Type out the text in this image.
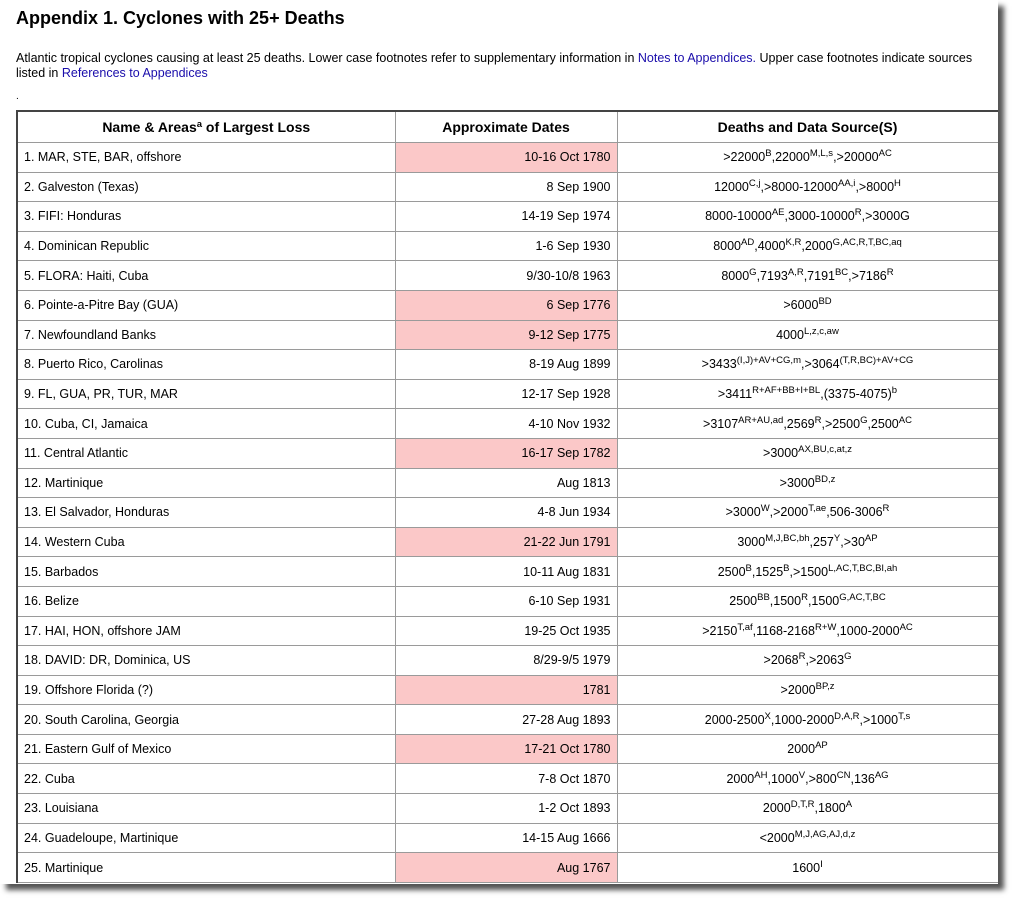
Appendix 1. Cyclones with 25+ Deaths
Atlantic tropical cyclones causing at least 25 deaths. Lower case footnotes refer to supplementary information in Notes to Appendices. Upper case footnotes indicate sources listed in References to Appendices
.
Name & Areas$^a$ of Largest Loss	Approximate Dates	Deaths and Data Source(S)
1. MAR, STE, BAR, offshore	10-16 Oct 1780	$>22000^B,22000^{M,L,s},>20000^{AC}$
2. Galveston (Texas)	8 Sep 1900	$12000^{C,j},>8000-12000^{AA,i},>8000^H$
3. FIFI: Honduras	14-19 Sep 1974	$8000-10000^{AE},3000-10000^R,>3000G$
4. Dominican Republic	1-6 Sep 1930	$8000^{AD},4000^{K,R},2000^{G,AC,R,T,BC,aq}$
5. FLORA: Haiti, Cuba	9/30-10/8 1963	$8000^G,7193^{A,R},7191^{BC},>7186^R$
6. Pointe-a-Pitre Bay (GUA)	6 Sep 1776	$>6000^{BD}$
7. Newfoundland Banks	9-12 Sep 1775	$4000^{L,z,c,aw}$
8. Puerto Rico, Carolinas	8-19 Aug 1899	$>3433^{(I,J)+AV+CG,m},>3064^{(T,R,BC)+AV+CG}$
9. FL, GUA, PR, TUR, MAR	12-17 Sep 1928	$>3411^{R+AF+BB+I+BL},(3375-4075)^b$
10. Cuba, CI, Jamaica	4-10 Nov 1932	$>3107^{AR+AU,ad},2569^R,>2500^G,2500^{AC}$
11. Central Atlantic	16-17 Sep 1782	$>3000^{AX,BU,c,at,z}$
12. Martinique	Aug 1813	$>3000^{BD,z}$
13. El Salvador, Honduras	4-8 Jun 1934	$>3000^W,>2000^{T,ae},506-3006^R$
14. Western Cuba	21-22 Jun 1791	$3000^{M,J,BC,bh},257^Y,>30^{AP}$
15. Barbados	10-11 Aug 1831	$2500^B,1525^B,>1500^{L,AC,T,BC,BI,ah}$
16. Belize	6-10 Sep 1931	$2500^{BB},1500^R,1500^{G,AC,T,BC}$
17. HAI, HON, offshore JAM	19-25 Oct 1935	$>2150^{T,af},1168-2168^{R+W},1000-2000^{AC}$
18. DAVID: DR, Dominica, US	8/29-9/5 1979	$>2068^R,>2063^G$
19. Offshore Florida (?)	1781	$>2000^{BP,z}$
20. South Carolina, Georgia	27-28 Aug 1893	$2000-2500^X,1000-2000^{D,A,R},>1000^{T,s}$
21. Eastern Gulf of Mexico	17-21 Oct 1780	$2000^{AP}$
22. Cuba	7-8 Oct 1870	$2000^{AH},1000^V,>800^{CN},136^{AG}$
23. Louisiana	1-2 Oct 1893	$2000^{D,T,R},1800^A$
24. Guadeloupe, Martinique	14-15 Aug 1666	$<2000^{M,J,AG,AJ,d,z}$
25. Martinique	Aug 1767	$1600^I$
